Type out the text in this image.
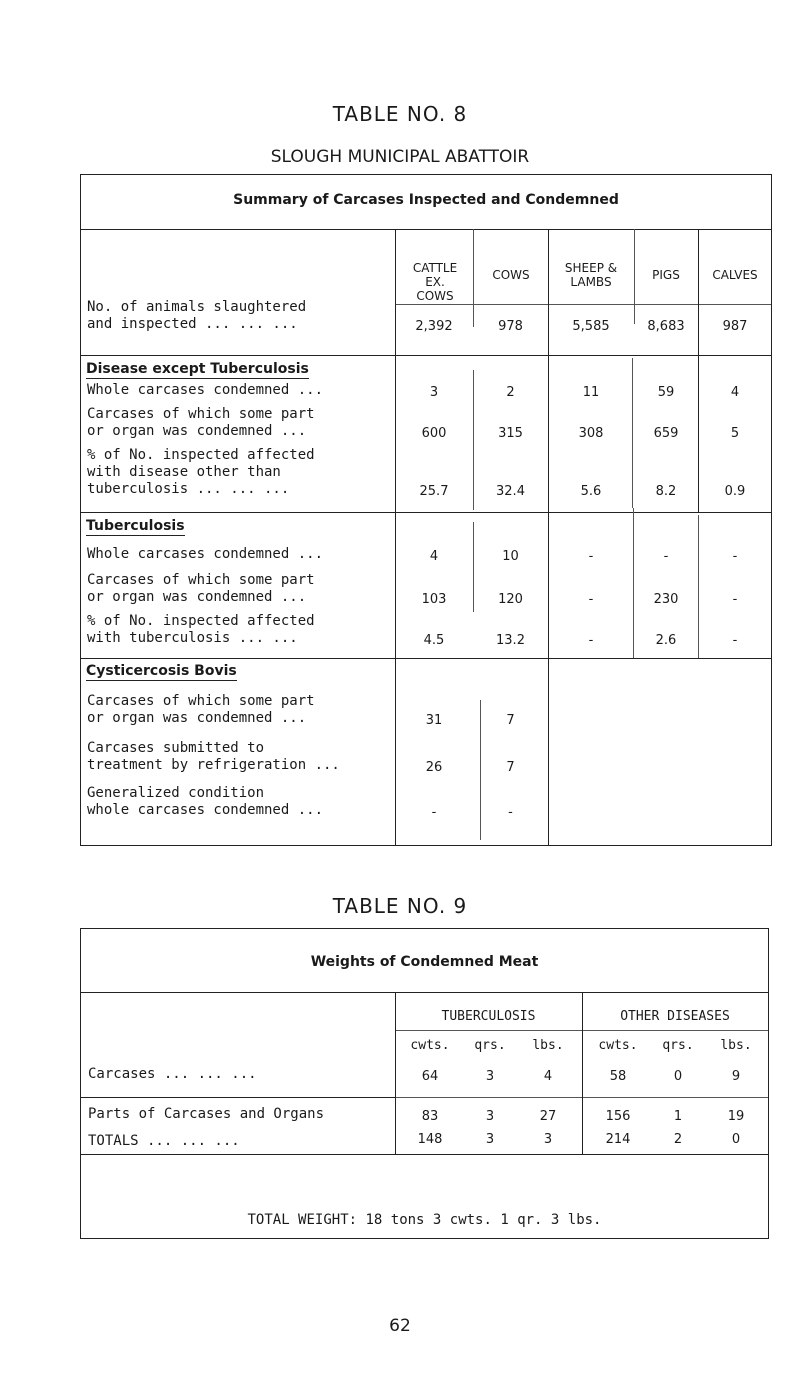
TABLE NO. 8
SLOUGH MUNICIPAL ABATTOIR
Summary of Carcases Inspected and Condemned
CATTLE EX. COWS
COWS	SHEEP & LAMBS	PIGS	CALVES
No. of animals slaughtered
and inspected ... ... ...	2,392	978	5,585	8,683	987
Disease except Tuberculosis
Whole carcases condemned ...	3	2	11	59	4
Carcases of which some part
or organ was condemned ...	600	315	308	659	5
% of No. inspected affected
with disease other than
tuberculosis ... ... ...	25.7	32.4	5.6	8.2	0.9
Tuberculosis
Whole carcases condemned ...	4	10	-	-	-
Carcases of which some part
or organ was condemned ...	103	120	-	230	-
% of No. inspected affected
with tuberculosis ... ...	4.5	13.2	-	2.6	-
Cysticercosis Bovis
Carcases of which some part
or organ was condemned ...	31	7
Carcases submitted to
treatment by refrigeration ...	26	7
Generalized condition
whole carcases condemned ...	-	-
TABLE NO. 9
Weights of Condemned Meat
TUBERCULOSIS	OTHER DISEASES
cwts.	qrs.	lbs.	cwts.	qrs.	lbs.
Carcases ... ... ...	64	3	4	58	0	9
Parts of Carcases and Organs	83	3	27	156	1	19
TOTALS ... ... ...	148	3	3	214	2	0
TOTAL WEIGHT: 18 tons 3 cwts. 1 qr. 3 lbs.
62
